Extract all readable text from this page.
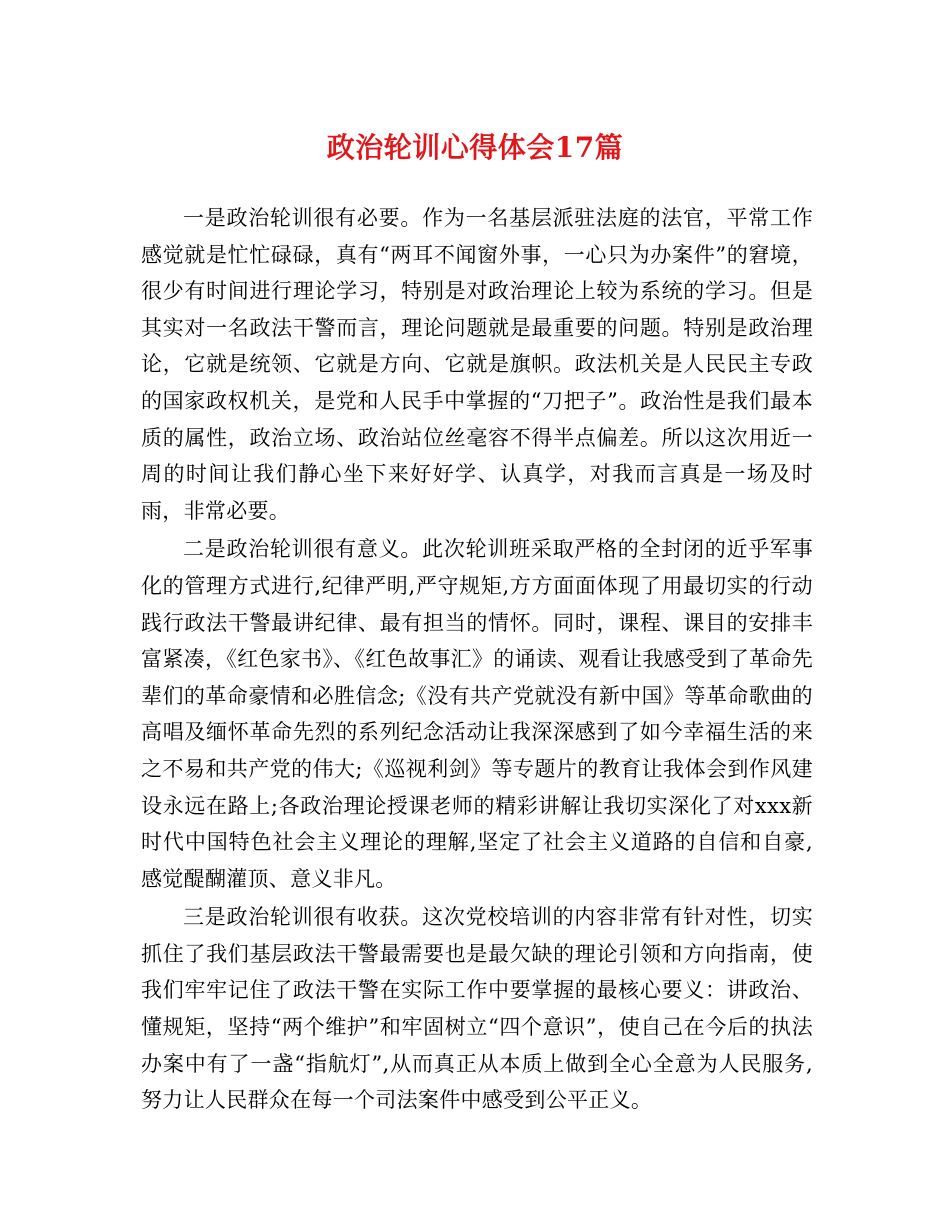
政治轮训心得体会17篇

一是政治轮训很有必要。作为一名基层派驻法庭的法官，平常工作感觉就是忙忙碌碌，真有“两耳不闻窗外事，一心只为办案件”的窘境，很少有时间进行理论学习，特别是对政治理论上较为系统的学习。但是其实对一名政法干警而言，理论问题就是最重要的问题。特别是政治理论，它就是统领、它就是方向、它就是旗帜。政法机关是人民民主专政的国家政权机关，是党和人民手中掌握的“刀把子”。政治性是我们最本质的属性，政治立场、政治站位丝毫容不得半点偏差。所以这次用近一周的时间让我们静心坐下来好好学、认真学，对我而言真是一场及时雨，非常必要。

二是政治轮训很有意义。此次轮训班采取严格的全封闭的近乎军事化的管理方式进行,纪律严明,严守规矩,方方面面体现了用最切实的行动践行政法干警最讲纪律、最有担当的情怀。同时，课程、课目的安排丰富紧凑，《红色家书》、《红色故事汇》的诵读、观看让我感受到了革命先辈们的革命豪情和必胜信念;《没有共产党就没有新中国》等革命歌曲的高唱及缅怀革命先烈的系列纪念活动让我深深感到了如今幸福生活的来之不易和共产党的伟大;《巡视利剑》等专题片的教育让我体会到作风建设永远在路上;各政治理论授课老师的精彩讲解让我切实深化了对xxx新时代中国特色社会主义理论的理解,坚定了社会主义道路的自信和自豪,感觉醍醐灌顶、意义非凡。

三是政治轮训很有收获。这次党校培训的内容非常有针对性，切实抓住了我们基层政法干警最需要也是最欠缺的理论引领和方向指南，使我们牢牢记住了政法干警在实际工作中要掌握的最核心要义：讲政治、懂规矩，坚持“两个维护”和牢固树立“四个意识”，使自己在今后的执法办案中有了一盏“指航灯”,从而真正从本质上做到全心全意为人民服务,努力让人民群众在每一个司法案件中感受到公平正义。
